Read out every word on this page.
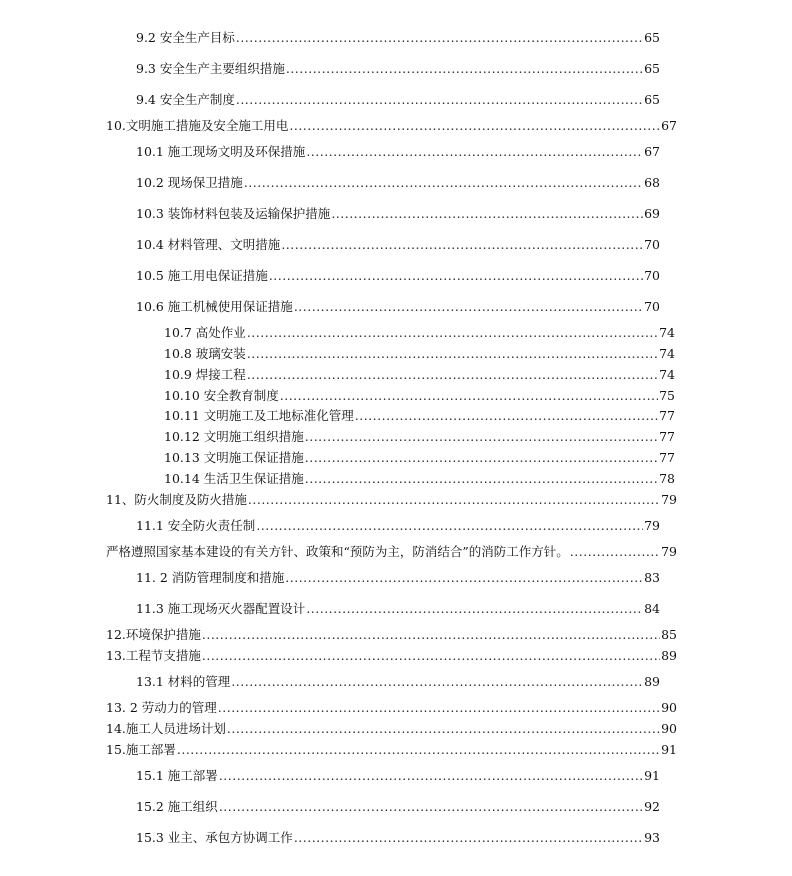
9.2 安全生产目标 .....	65
9.3 安全生产主要组织措施 .....	65
9.4 安全生产制度 .....	65
10.文明施工措施及安全施工用电 .....	67
10.1 施工现场文明及环保措施 .....	67
10.2 现场保卫措施 .....	68
10.3 装饰材料包装及运输保护措施 .....	69
10.4 材料管理、文明措施 .....	70
10.5 施工用电保证措施 .....	70
10.6 施工机械使用保证措施 .....	70
10.7 高处作业 .....	74
10.8 玻璃安装 .....	74
10.9 焊接工程 .....	74
10.10 安全教育制度 .....	75
10.11 文明施工及工地标准化管理 .....	77
10.12 文明施工组织措施 .....	77
10.13 文明施工保证措施 .....	77
10.14 生活卫生保证措施 .....	78
11、防火制度及防火措施 .....	79
11.1 安全防火责任制 .....	79
严格遵照国家基本建设的有关方针、政策和“预防为主，防消结合”的消防工作方针。 .....	79
11. 2 消防管理制度和措施 .....	83
11.3 施工现场灭火器配置设计 .....	84
12.环境保护措施 .....	85
13.工程节支措施 .....	89
13.1 材料的管理 .....	89
13. 2 劳动力的管理 .....	90
14.施工人员进场计划 .....	90
15.施工部署 .....	91
15.1 施工部署 .....	91
15.2 施工组织 .....	92
15.3 业主、承包方协调工作 .....	93
